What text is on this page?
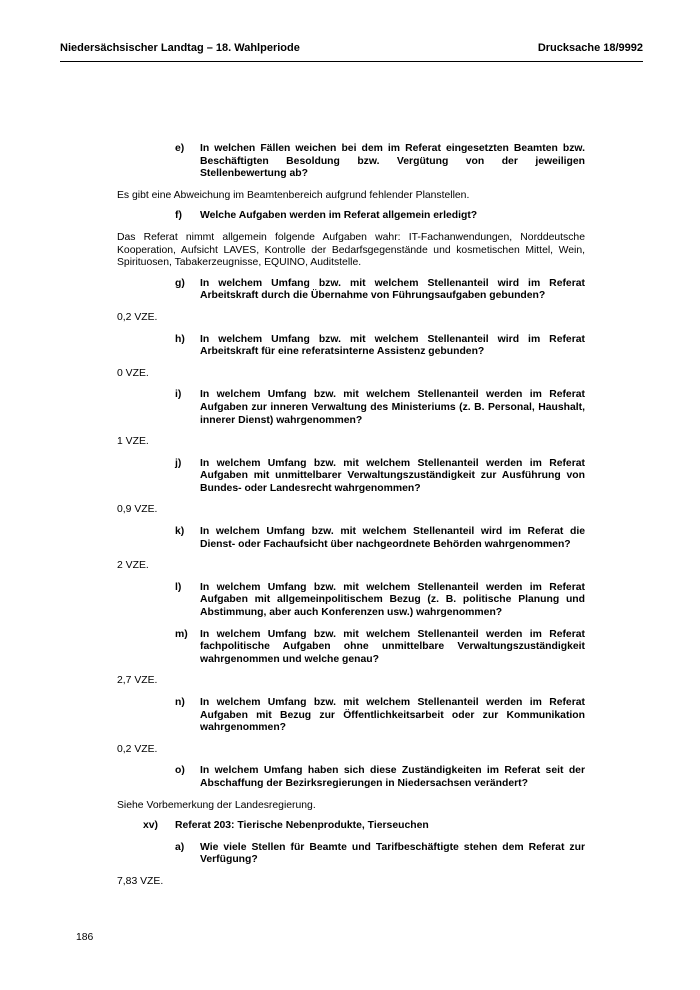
Niedersächsischer Landtag – 18. Wahlperiode	Drucksache 18/9992
e) In welchen Fällen weichen bei dem im Referat eingesetzten Beamten bzw. Beschäftigten Besoldung bzw. Vergütung von der jeweiligen Stellenbewertung ab?
Es gibt eine Abweichung im Beamtenbereich aufgrund fehlender Planstellen.
f) Welche Aufgaben werden im Referat allgemein erledigt?
Das Referat nimmt allgemein folgende Aufgaben wahr: IT-Fachanwendungen, Norddeutsche Kooperation, Aufsicht LAVES, Kontrolle der Bedarfsgegenstände und kosmetischen Mittel, Wein, Spirituosen, Tabakerzeugnisse, EQUINO, Auditstelle.
g) In welchem Umfang bzw. mit welchem Stellenanteil wird im Referat Arbeitskraft durch die Übernahme von Führungsaufgaben gebunden?
0,2 VZE.
h) In welchem Umfang bzw. mit welchem Stellenanteil wird im Referat Arbeitskraft für eine referatsinterne Assistenz gebunden?
0 VZE.
i) In welchem Umfang bzw. mit welchem Stellenanteil werden im Referat Aufgaben zur inneren Verwaltung des Ministeriums (z. B. Personal, Haushalt, innerer Dienst) wahrgenommen?
1 VZE.
j) In welchem Umfang bzw. mit welchem Stellenanteil werden im Referat Aufgaben mit unmittelbarer Verwaltungszuständigkeit zur Ausführung von Bundes- oder Landesrecht wahrgenommen?
0,9 VZE.
k) In welchem Umfang bzw. mit welchem Stellenanteil wird im Referat die Dienst- oder Fachaufsicht über nachgeordnete Behörden wahrgenommen?
2 VZE.
l) In welchem Umfang bzw. mit welchem Stellenanteil werden im Referat Aufgaben mit allgemeinpolitischem Bezug (z. B. politische Planung und Abstimmung, aber auch Konferenzen usw.) wahrgenommen?
m) In welchem Umfang bzw. mit welchem Stellenanteil werden im Referat fachpolitische Aufgaben ohne unmittelbare Verwaltungszuständigkeit wahrgenommen und welche genau?
2,7 VZE.
n) In welchem Umfang bzw. mit welchem Stellenanteil werden im Referat Aufgaben mit Bezug zur Öffentlichkeitsarbeit oder zur Kommunikation wahrgenommen?
0,2 VZE.
o) In welchem Umfang haben sich diese Zuständigkeiten im Referat seit der Abschaffung der Bezirksregierungen in Niedersachsen verändert?
Siehe Vorbemerkung der Landesregierung.
xv) Referat 203: Tierische Nebenprodukte, Tierseuchen
a) Wie viele Stellen für Beamte und Tarifbeschäftigte stehen dem Referat zur Verfügung?
7,83 VZE.
186
